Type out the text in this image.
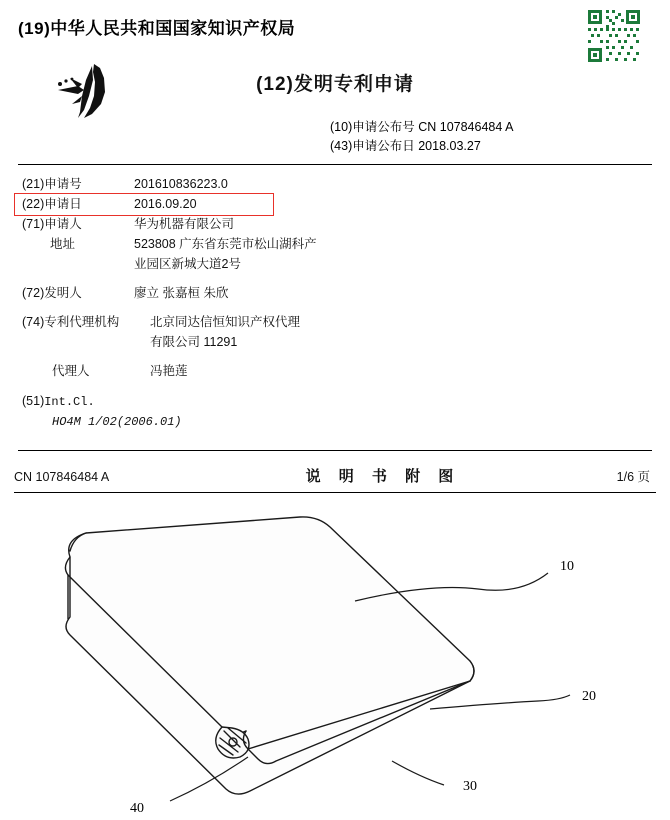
(19)中华人民共和国国家知识产权局
(12)发明专利申请
(10)申请公布号 CN 107846484 A
(43)申请公布日 2018.03.27
(21)申请号	201610836223.0
(22)申请日	2016.09.20
(71)申请人	华为机器有限公司
地址	523808 广东省东莞市松山湖科产
业园区新城大道2号
(72)发明人	廖立 张嘉桓 朱欣
(74)专利代理机构	北京同达信恒知识产权代理
有限公司 11291
代理人	冯艳莲
(51)Int.Cl.
HO4M 1/02(2006.01)
CN 107846484 A	说 明 书 附 图	1/6 页
10
20
30
40
